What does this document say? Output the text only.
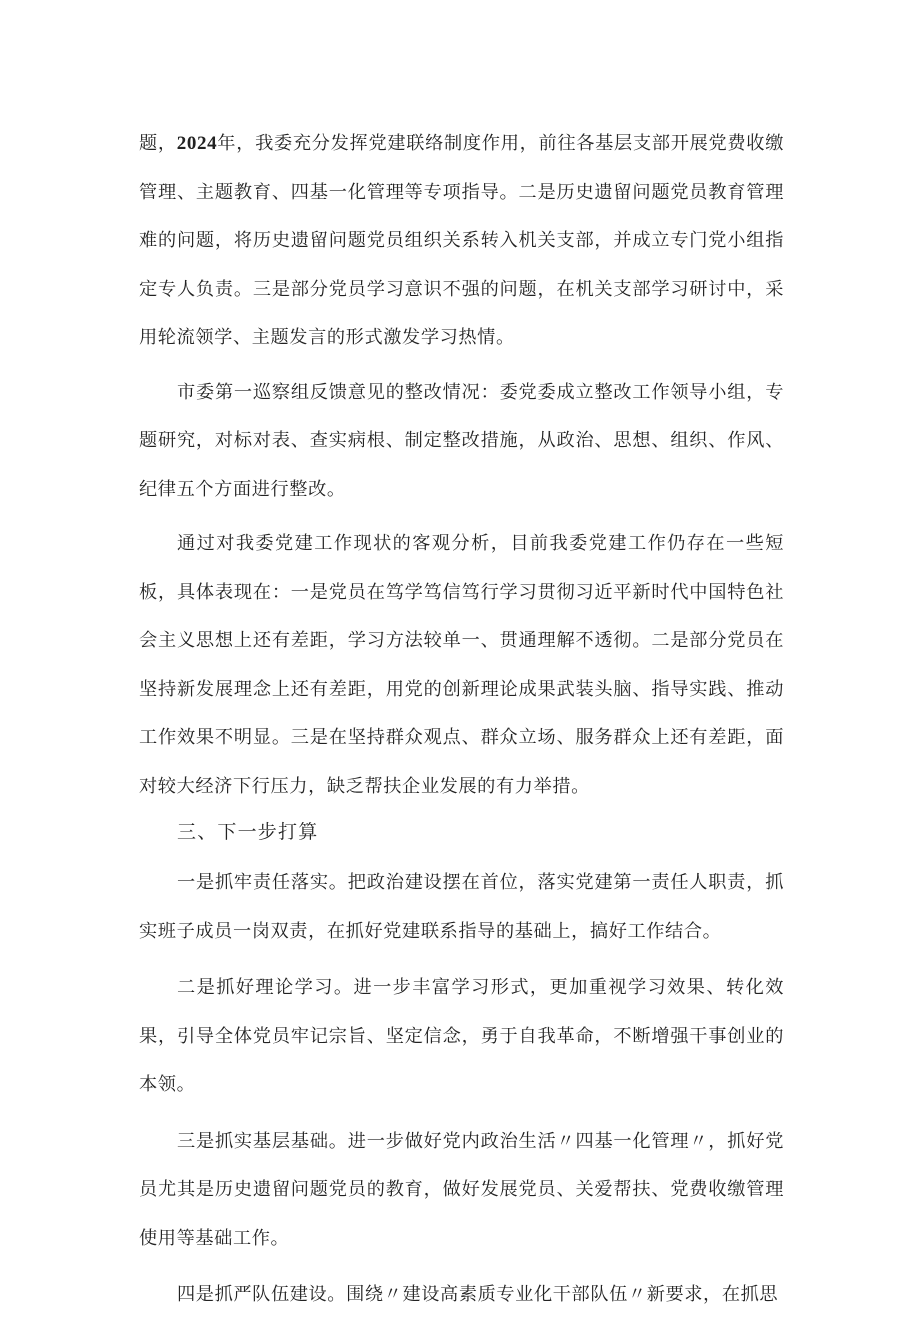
题，2024年，我委充分发挥党建联络制度作用，前往各基层支部开展党费收缴管理、主题教育、四基一化管理等专项指导。二是历史遗留问题党员教育管理难的问题，将历史遗留问题党员组织关系转入机关支部，并成立专门党小组指定专人负责。三是部分党员学习意识不强的问题，在机关支部学习研讨中，采用轮流领学、主题发言的形式激发学习热情。

市委第一巡察组反馈意见的整改情况：委党委成立整改工作领导小组，专题研究，对标对表、查实病根、制定整改措施，从政治、思想、组织、作风、纪律五个方面进行整改。

通过对我委党建工作现状的客观分析，目前我委党建工作仍存在一些短板，具体表现在：一是党员在笃学笃信笃行学习贯彻习近平新时代中国特色社会主义思想上还有差距，学习方法较单一、贯通理解不透彻。二是部分党员在坚持新发展理念上还有差距，用党的创新理论成果武装头脑、指导实践、推动工作效果不明显。三是在坚持群众观点、群众立场、服务群众上还有差距，面对较大经济下行压力，缺乏帮扶企业发展的有力举措。

三、下一步打算

一是抓牢责任落实。把政治建设摆在首位，落实党建第一责任人职责，抓实班子成员一岗双责，在抓好党建联系指导的基础上，搞好工作结合。

二是抓好理论学习。进一步丰富学习形式，更加重视学习效果、转化效果，引导全体党员牢记宗旨、坚定信念，勇于自我革命，不断增强干事创业的本领。

三是抓实基层基础。进一步做好党内政治生活〃四基一化管理〃，抓好党员尤其是历史遗留问题党员的教育，做好发展党员、关爱帮扶、党费收缴管理使用等基础工作。

四是抓严队伍建设。围绕〃建设高素质专业化干部队伍〃新要求，在抓思
